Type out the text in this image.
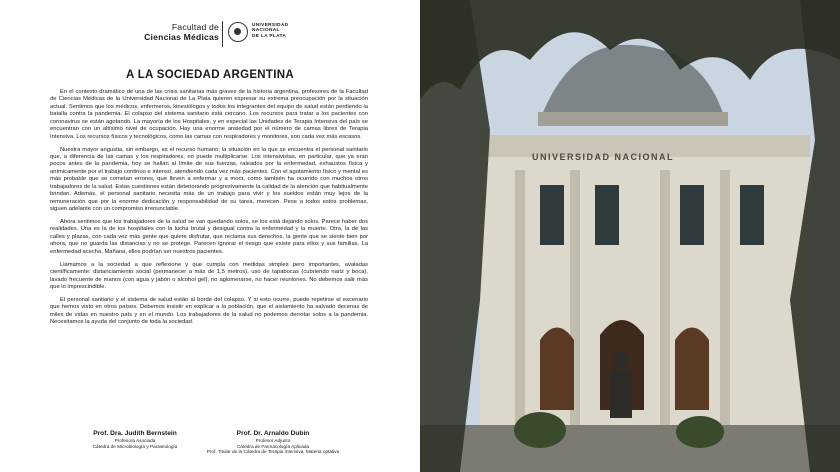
Facultad de
Ciencias Médicas
UNIVERSIDAD
NACIONAL
DE LA PLATA
A LA SOCIEDAD ARGENTINA

En el contexto dramático de una de las crisis sanitarias más graves de la historia argentina, profesores de la Facultad de Ciencias Médicas de la Universidad Nacional de La Plata quieren expresar su extrema preocupación por la situación actual. Sentimos que los médicos, enfermeros, kinesiólogos y todos los integrantes del equipo de salud están perdiendo la batalla contra la pandemia. El colapso del sistema sanitario está cercano. Los recursos para tratar a los pacientes con coronavirus se están agotando. La mayoría de los Hospitales, y en especial las Unidades de Terapia Intensiva del país se encuentran con un altísimo nivel de ocupación. Hay una enorme ansiedad por el número de camas libres de Terapia Intensiva. Los recursos físicos y tecnológicos, como las camas con respiradores y monitores, son cada vez más escasos.

Nuestra mayor angustia, sin embargo, es el recurso humano; la situación en la que se encuentra el personal sanitario que, a diferencia de las camas y los respiradores, no puede multiplicarse. Los intensivistas, en particular, que ya eran pocos antes de la pandemia, hoy se hallan al límite de sus fuerzas, raleados por la enfermedad, exhaustos física y anímicamente por el trabajo continuo e intenso, atendiendo cada vez más pacientes. Con el agotamiento físico y mental es más probable que se cometan errores, que lleven a enfermar y a morir, como también ha ocurrido con muchos otros trabajadores de la salud. Estas cuestiones están deteriorando progresivamente la calidad de la atención que habitualmente brindan. Además, el personal sanitario necesita más de un trabajo para vivir y los sueldos están muy lejos de la remuneración que por la enorme dedicación y responsabilidad de su tarea, merecen. Pese a todos estos problemas, siguen adelante con un compromiso irrenunciable.

Ahora sentimos que los trabajadores de la salud se van quedando solos, se los está dejando solos. Parece haber dos realidades. Una es la de los hospitales con la lucha brutal y desigual contra la enfermedad y la muerte. Otra, la de las calles y plazas, con cada vez más gente que quiere disfrutar, que reclama sus derechos, la gente que se siente bien por ahora, que no guarda las distancias y no se protege. Parecen ignorar el riesgo que existe para ellos y sus familias. La enfermedad acecha. Mañana, ellos podrían ser nuestros pacientes.

Llamamos a la sociedad a que reflexione y que cumpla con medidas simples pero importantes, avaladas científicamente: distanciamiento social (permanecer a más de 1,5 metros), uso de tapabocas (cubriendo nariz y boca), lavado frecuente de manos (con agua y jabón o alcohol gel), no aglomerarse, no hacer reuniones. No debemos salir más que lo imprescindible.

El personal sanitario y el sistema de salud están al borde del colapso. Y si esto ocurre, puede repetirse el escenario que hemos visto en otros países. Debemos insistir en explicar a la población, que el aislamiento ha salvado decenas de miles de vidas en nuestro país y en el mundo. Los trabajadores de la salud no podemos derrotar solos a la pandemia. Necesitamos la ayuda del conjunto de toda la sociedad.

Prof. Dra. Judith Bernstein
Profesora Asociada
Cátedra de Microbiología y Parasitología
Prof. Dr. Arnaldo Dubin
Profesor Adjunto
Cátedra de Farmacología Aplicada
Prof. Titular de la Cátedra de Terapia Intensiva, Materia optativa
UNIVERSIDAD NACIONAL
